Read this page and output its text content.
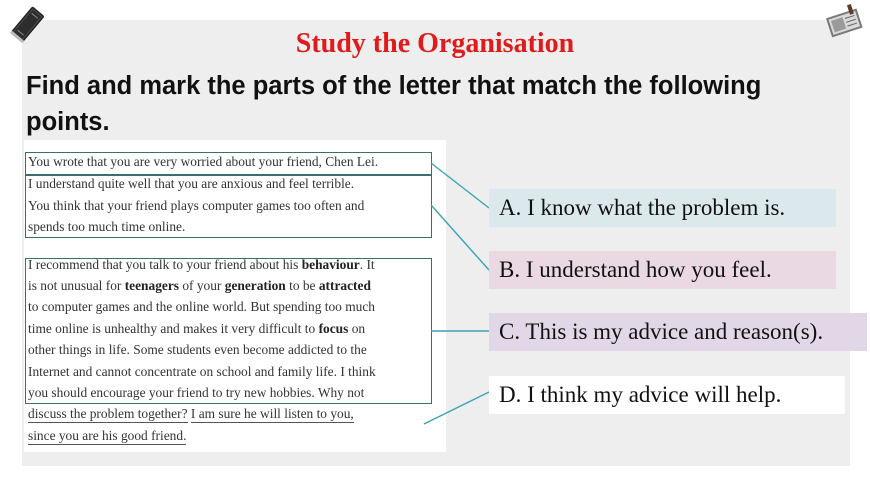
Study the Organisation
Find and mark the parts of the letter that match the following
points.
You wrote that you are very worried about your friend, Chen Lei.
I understand quite well that you are anxious and feel terrible.
You think that your friend plays computer games too often and
spends too much time online.
I recommend that you talk to your friend about his behaviour. It
is not unusual for teenagers of your generation to be attracted
to computer games and the online world. But spending too much
time online is unhealthy and makes it very difficult to focus on
other things in life. Some students even become addicted to the
Internet and cannot concentrate on school and family life. I think
you should encourage your friend to try new hobbies. Why not
discuss the problem together? I am sure he will listen to you,
since you are his good friend.
A. I know what the problem is.
B. I understand how you feel.
C. This is my advice and reason(s).
D. I think my advice will help.
